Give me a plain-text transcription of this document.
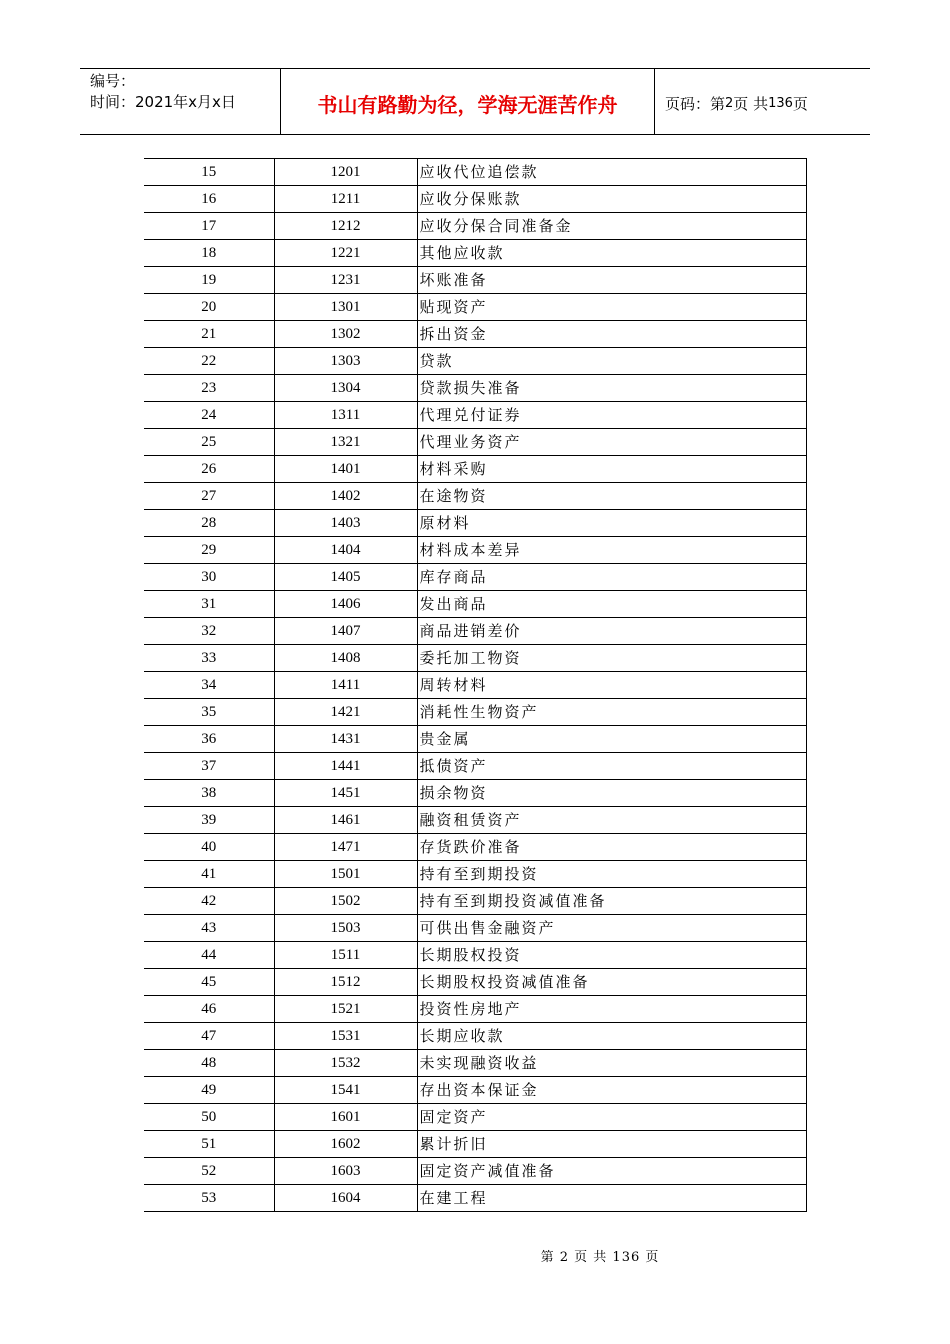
编号：
时间：2021年x月x日	书山有路勤为径，学海无涯苦作舟	页码：第 2 页 共 136 页
15	1201	应收代位追偿款
16	1211	应收分保账款
17	1212	应收分保合同准备金
18	1221	其他应收款
19	1231	坏账准备
20	1301	贴现资产
21	1302	拆出资金
22	1303	贷款
23	1304	贷款损失准备
24	1311	代理兑付证券
25	1321	代理业务资产
26	1401	材料采购
27	1402	在途物资
28	1403	原材料
29	1404	材料成本差异
30	1405	库存商品
31	1406	发出商品
32	1407	商品进销差价
33	1408	委托加工物资
34	1411	周转材料
35	1421	消耗性生物资产
36	1431	贵金属
37	1441	抵债资产
38	1451	损余物资
39	1461	融资租赁资产
40	1471	存货跌价准备
41	1501	持有至到期投资
42	1502	持有至到期投资减值准备
43	1503	可供出售金融资产
44	1511	长期股权投资
45	1512	长期股权投资减值准备
46	1521	投资性房地产
47	1531	长期应收款
48	1532	未实现融资收益
49	1541	存出资本保证金
50	1601	固定资产
51	1602	累计折旧
52	1603	固定资产减值准备
53	1604	在建工程
第 2 页 共 136 页
